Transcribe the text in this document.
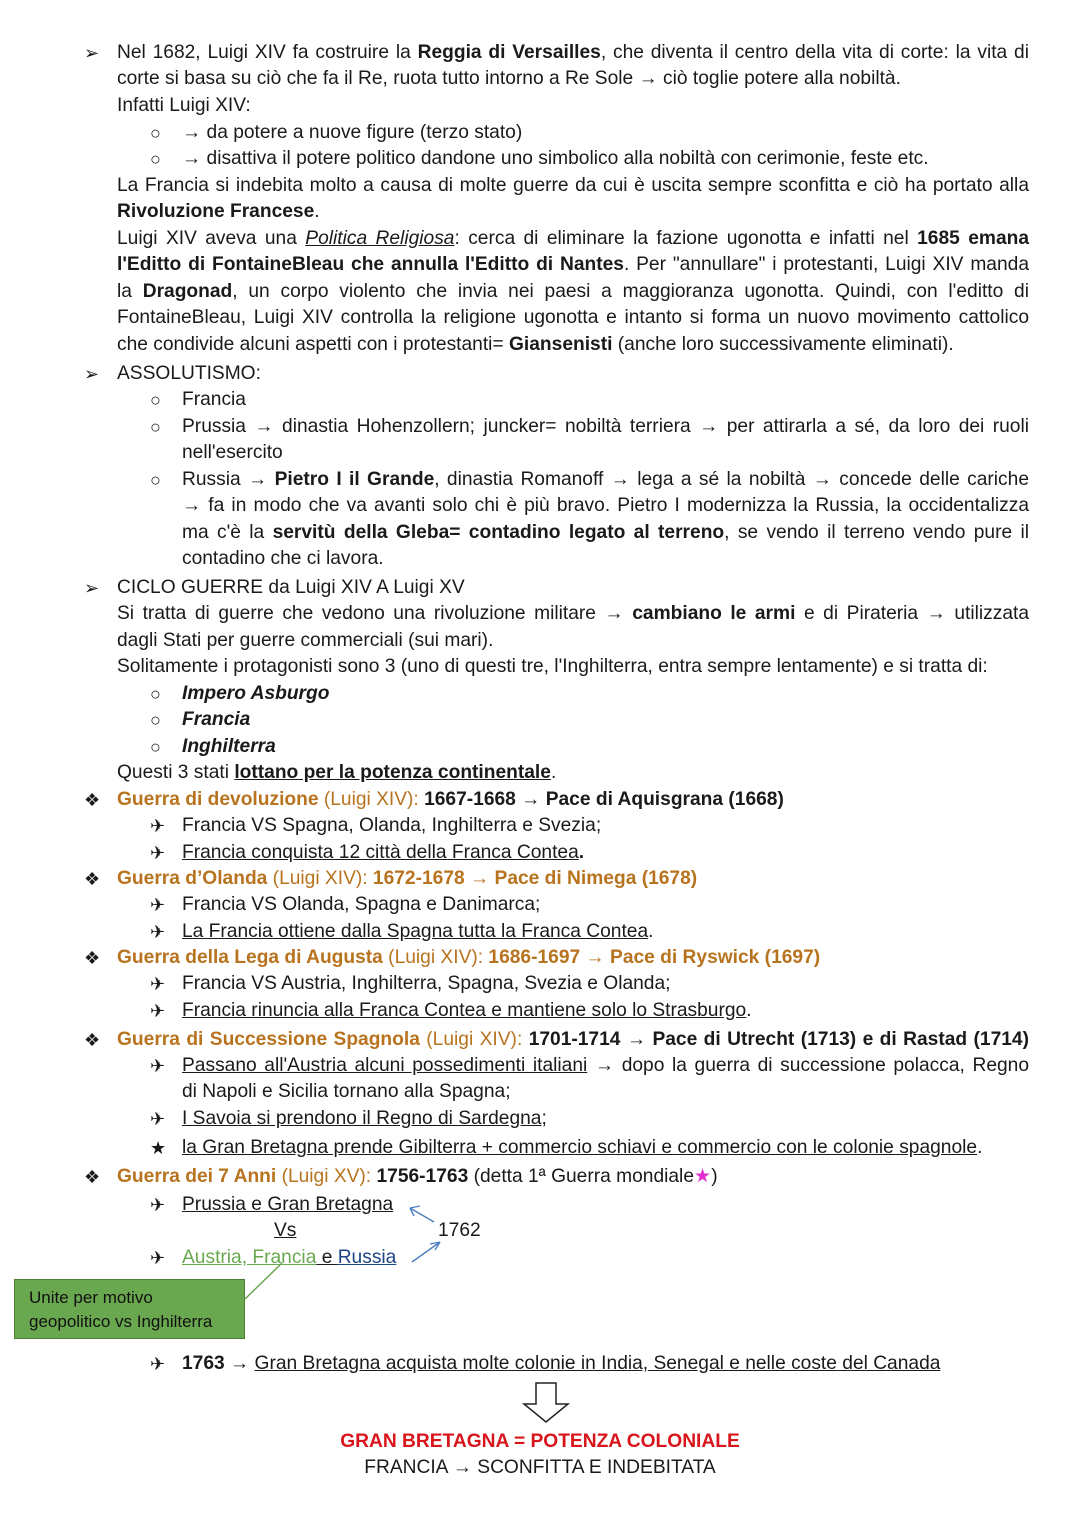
➢ Nel 1682, Luigi XIV fa costruire la Reggia di Versailles, che diventa il centro della vita di corte: la vita di
corte si basa su ciò che fa il Re, ruota tutto intorno a Re Sole → ciò toglie potere alla nobiltà.
Infatti Luigi XIV:
○ → da potere a nuove figure (terzo stato)
○ → disattiva il potere politico dandone uno simbolico alla nobiltà con cerimonie, feste etc.
La Francia si indebita molto a causa di molte guerre da cui è uscita sempre sconfitta e ciò ha portato alla
Rivoluzione Francese.
Luigi XIV aveva una Politica Religiosa: cerca di eliminare la fazione ugonotta e infatti nel 1685 emana
l'Editto di FontaineBleau che annulla l'Editto di Nantes. Per "annullare" i protestanti, Luigi XIV manda
la Dragonad, un corpo violento che invia nei paesi a maggioranza ugonotta. Quindi, con l'editto di
FontaineBleau, Luigi XIV controlla la religione ugonotta e intanto si forma un nuovo movimento cattolico
che condivide alcuni aspetti con i protestanti= Giansenisti (anche loro successivamente eliminati).
➢ ASSOLUTISMO:
○ Francia
○ Prussia → dinastia Hohenzollern; juncker= nobiltà terriera → per attirarla a sé, da loro dei ruoli
nell'esercito
○ Russia → Pietro I il Grande, dinastia Romanoff → lega a sé la nobiltà → concede delle cariche
→ fa in modo che va avanti solo chi è più bravo. Pietro I modernizza la Russia, la occidentalizza
ma c'è la servitù della Gleba= contadino legato al terreno, se vendo il terreno vendo pure il
contadino che ci lavora.
➢ CICLO GUERRE da Luigi XIV A Luigi XV
Si tratta di guerre che vedono una rivoluzione militare → cambiano le armi e di Pirateria → utilizzata
dagli Stati per guerre commerciali (sui mari).
Solitamente i protagonisti sono 3 (uno di questi tre, l'Inghilterra, entra sempre lentamente) e si tratta di:
○ Impero Asburgo
○ Francia
○ Inghilterra
Questi 3 stati lottano per la potenza continentale.
❖ Guerra di devoluzione (Luigi XIV): 1667-1668 → Pace di Aquisgrana (1668)
✈ Francia VS Spagna, Olanda, Inghilterra e Svezia;
✈ Francia conquista 12 città della Franca Contea.
❖ Guerra d’Olanda (Luigi XIV): 1672-1678 → Pace di Nimega (1678)
✈ Francia VS Olanda, Spagna e Danimarca;
✈ La Francia ottiene dalla Spagna tutta la Franca Contea.
❖ Guerra della Lega di Augusta (Luigi XIV): 1686-1697 → Pace di Ryswick (1697)
✈ Francia VS Austria, Inghilterra, Spagna, Svezia e Olanda;
✈ Francia rinuncia alla Franca Contea e mantiene solo lo Strasburgo.
❖ Guerra di Successione Spagnola (Luigi XIV): 1701-1714 → Pace di Utrecht (1713) e di Rastad (1714)
✈ Passano all'Austria alcuni possedimenti italiani → dopo la guerra di successione polacca, Regno
di Napoli e Sicilia tornano alla Spagna;
✈ I Savoia si prendono il Regno di Sardegna;
★ la Gran Bretagna prende Gibilterra + commercio schiavi e commercio con le colonie spagnole.
❖ Guerra dei 7 Anni (Luigi XV): 1756-1763 (detta 1ª Guerra mondiale★)
✈ Prussia e Gran Bretagna
Vs	1762
✈ Austria, Francia e Russia
Unite per motivo
geopolitico vs Inghilterra
✈ 1763 → Gran Bretagna acquista molte colonie in India, Senegal e nelle coste del Canada
GRAN BRETAGNA = POTENZA COLONIALE
FRANCIA → SCONFITTA E INDEBITATA
